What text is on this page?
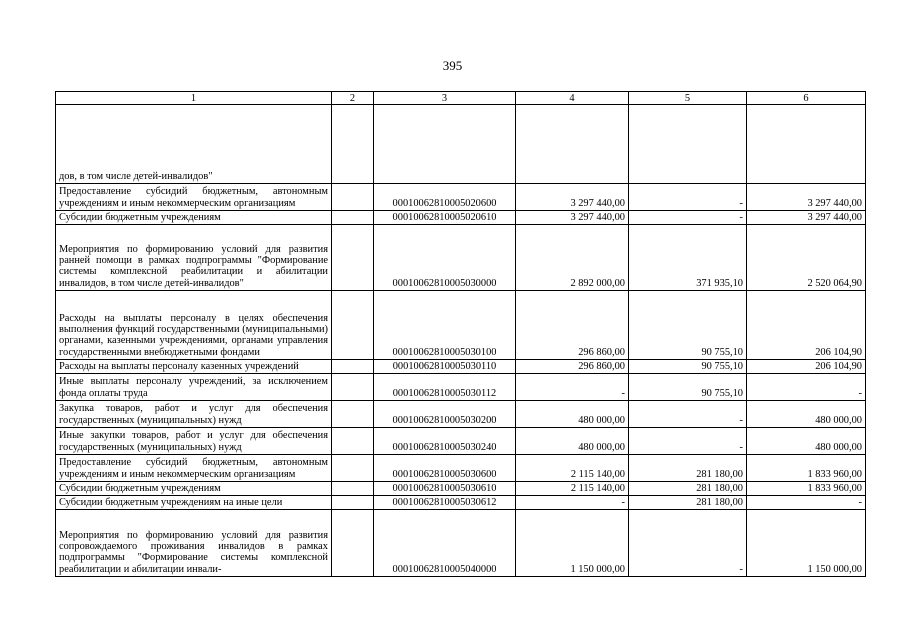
395
1	2	3	4	5	6
дов, в том числе детей-инвалидов"					
Предоставление субсидий бюджетным, автономным учреждениям и иным некоммерческим организациям		00010062810005020600	3 297 440,00	-	3 297 440,00
Субсидии бюджетным учреждениям		00010062810005020610	3 297 440,00	-	3 297 440,00
Мероприятия по формированию условий для развития ранней помощи в рамках подпрограммы "Формирование системы комплексной реабилитации и абилитации инвалидов, в том числе детей-инвалидов"		00010062810005030000	2 892 000,00	371 935,10	2 520 064,90
Расходы на выплаты персоналу в целях обеспечения выполнения функций государственными (муниципальными) органами, казенными учреждениями, органами управления государственными внебюджетными фондами		00010062810005030100	296 860,00	90 755,10	206 104,90
Расходы на выплаты персоналу казенных учреждений		00010062810005030110	296 860,00	90 755,10	206 104,90
Иные выплаты персоналу учреждений, за исключением фонда оплаты труда		00010062810005030112	-	90 755,10	-
Закупка товаров, работ и услуг для обеспечения государственных (муниципальных) нужд		00010062810005030200	480 000,00	-	480 000,00
Иные закупки товаров, работ и услуг для обеспечения государственных (муниципальных) нужд		00010062810005030240	480 000,00	-	480 000,00
Предоставление субсидий бюджетным, автономным учреждениям и иным некоммерческим организациям		00010062810005030600	2 115 140,00	281 180,00	1 833 960,00
Субсидии бюджетным учреждениям		00010062810005030610	2 115 140,00	281 180,00	1 833 960,00
Субсидии бюджетным учреждениям на иные цели		00010062810005030612	-	281 180,00	-
Мероприятия по формированию условий для развития сопровождаемого проживания инвалидов в рамках подпрограммы "Формирование системы комплексной реабилитации и абилитации инвали-		00010062810005040000	1 150 000,00	-	1 150 000,00
